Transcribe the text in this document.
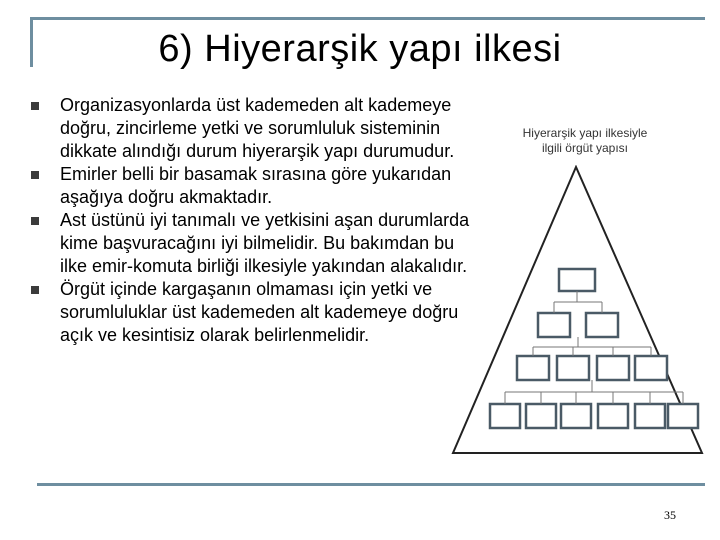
6) Hiyerarşik yapı ilkesi
Organizasyonlarda üst kademeden alt kademeye doğru, zincirleme yetki ve sorumluluk sisteminin dikkate alındığı durum hiyerarşik yapı durumudur.
Emirler belli bir basamak sırasına göre yukarıdan aşağıya doğru akmaktadır.
Ast üstünü iyi tanımalı ve yetkisini aşan durumlarda kime başvuracağını iyi bilmelidir. Bu bakımdan bu ilke emir-komuta birliği ilkesiyle yakından alakalıdır.
Örgüt içinde kargaşanın olmaması için yetki ve sorumluluklar üst kademeden alt kademeye doğru açık ve kesintisiz olarak belirlenmelidir.
Hiyerarşik yapı ilkesiyle ilgili örgüt yapısı
35
